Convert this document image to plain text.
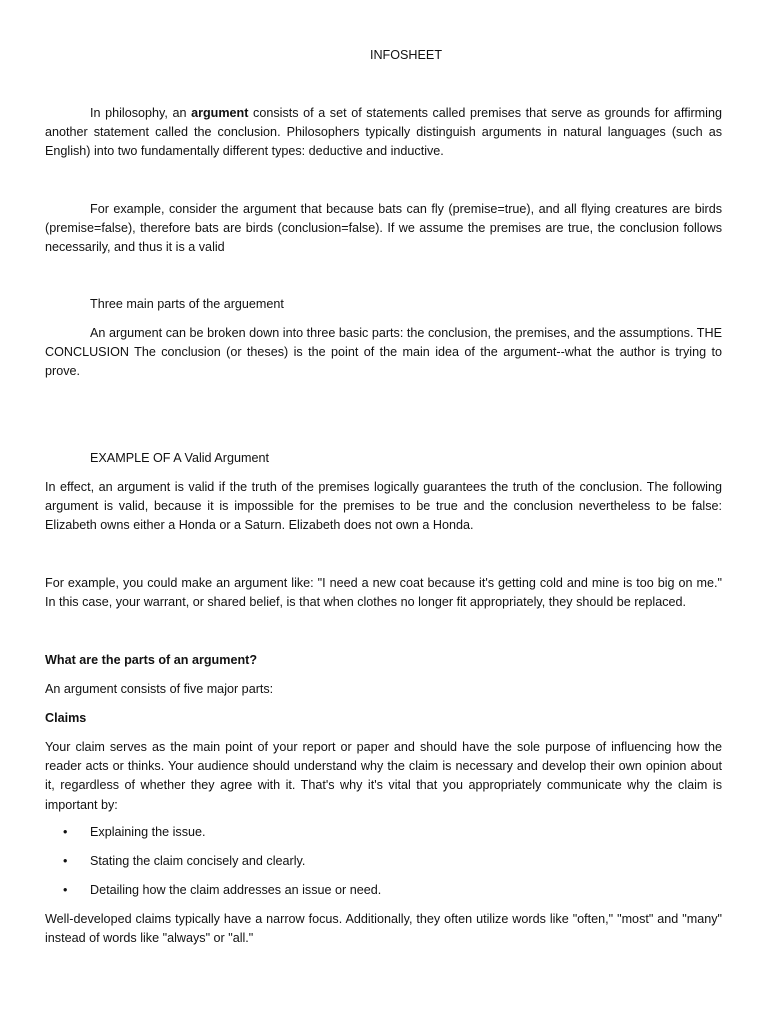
INFOSHEET

In philosophy, an argument consists of a set of statements called premises that serve as grounds for affirming another statement called the conclusion. Philosophers typically distinguish arguments in natural languages (such as English) into two fundamentally different types: deductive and inductive.

For example, consider the argument that because bats can fly (premise=true), and all flying creatures are birds (premise=false), therefore bats are birds (conclusion=false). If we assume the premises are true, the conclusion follows necessarily, and thus it is a valid

Three main parts of the arguement

An argument can be broken down into three basic parts: the conclusion, the premises, and the assumptions. THE CONCLUSION The conclusion (or theses) is the point of the main idea of the argument--what the author is trying to prove.

EXAMPLE OF A Valid Argument

In effect, an argument is valid if the truth of the premises logically guarantees the truth of the conclusion. The following argument is valid, because it is impossible for the premises to be true and the conclusion nevertheless to be false: Elizabeth owns either a Honda or a Saturn. Elizabeth does not own a Honda.

For example, you could make an argument like: "I need a new coat because it's getting cold and mine is too big on me." In this case, your warrant, or shared belief, is that when clothes no longer fit appropriately, they should be replaced.

What are the parts of an argument?

An argument consists of five major parts:

Claims

Your claim serves as the main point of your report or paper and should have the sole purpose of influencing how the reader acts or thinks. Your audience should understand why the claim is necessary and develop their own opinion about it, regardless of whether they agree with it. That's why it's vital that you appropriately communicate why the claim is important by:

• Explaining the issue.
• Stating the claim concisely and clearly.
• Detailing how the claim addresses an issue or need.

Well-developed claims typically have a narrow focus. Additionally, they often utilize words like "often," "most" and "many" instead of words like "always" or "all."
